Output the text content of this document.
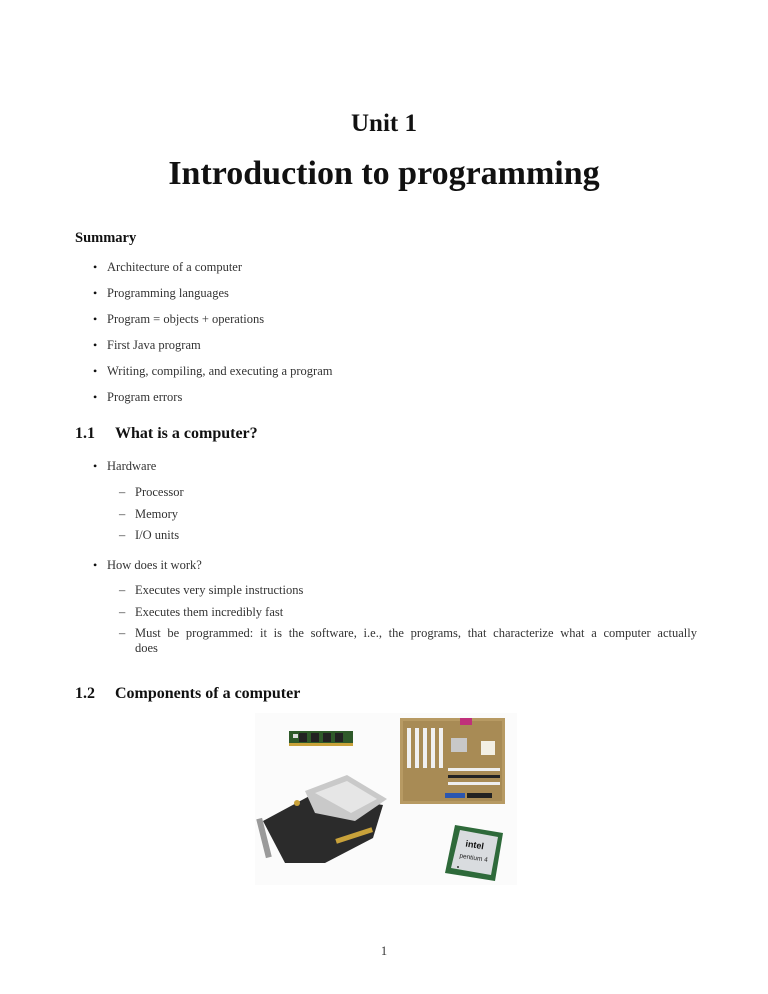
Unit 1
Introduction to programming
Summary
• Architecture of a computer
• Programming languages
• Program = objects + operations
• First Java program
• Writing, compiling, and executing a program
• Program errors
1.1 What is a computer?
• Hardware
– Processor
– Memory
– I/O units
• How does it work?
– Executes very simple instructions
– Executes them incredibly fast
– Must be programmed: it is the software, i.e., the programs, that characterize what a computer actually does
1.2 Components of a computer
intel
pentium 4
1
